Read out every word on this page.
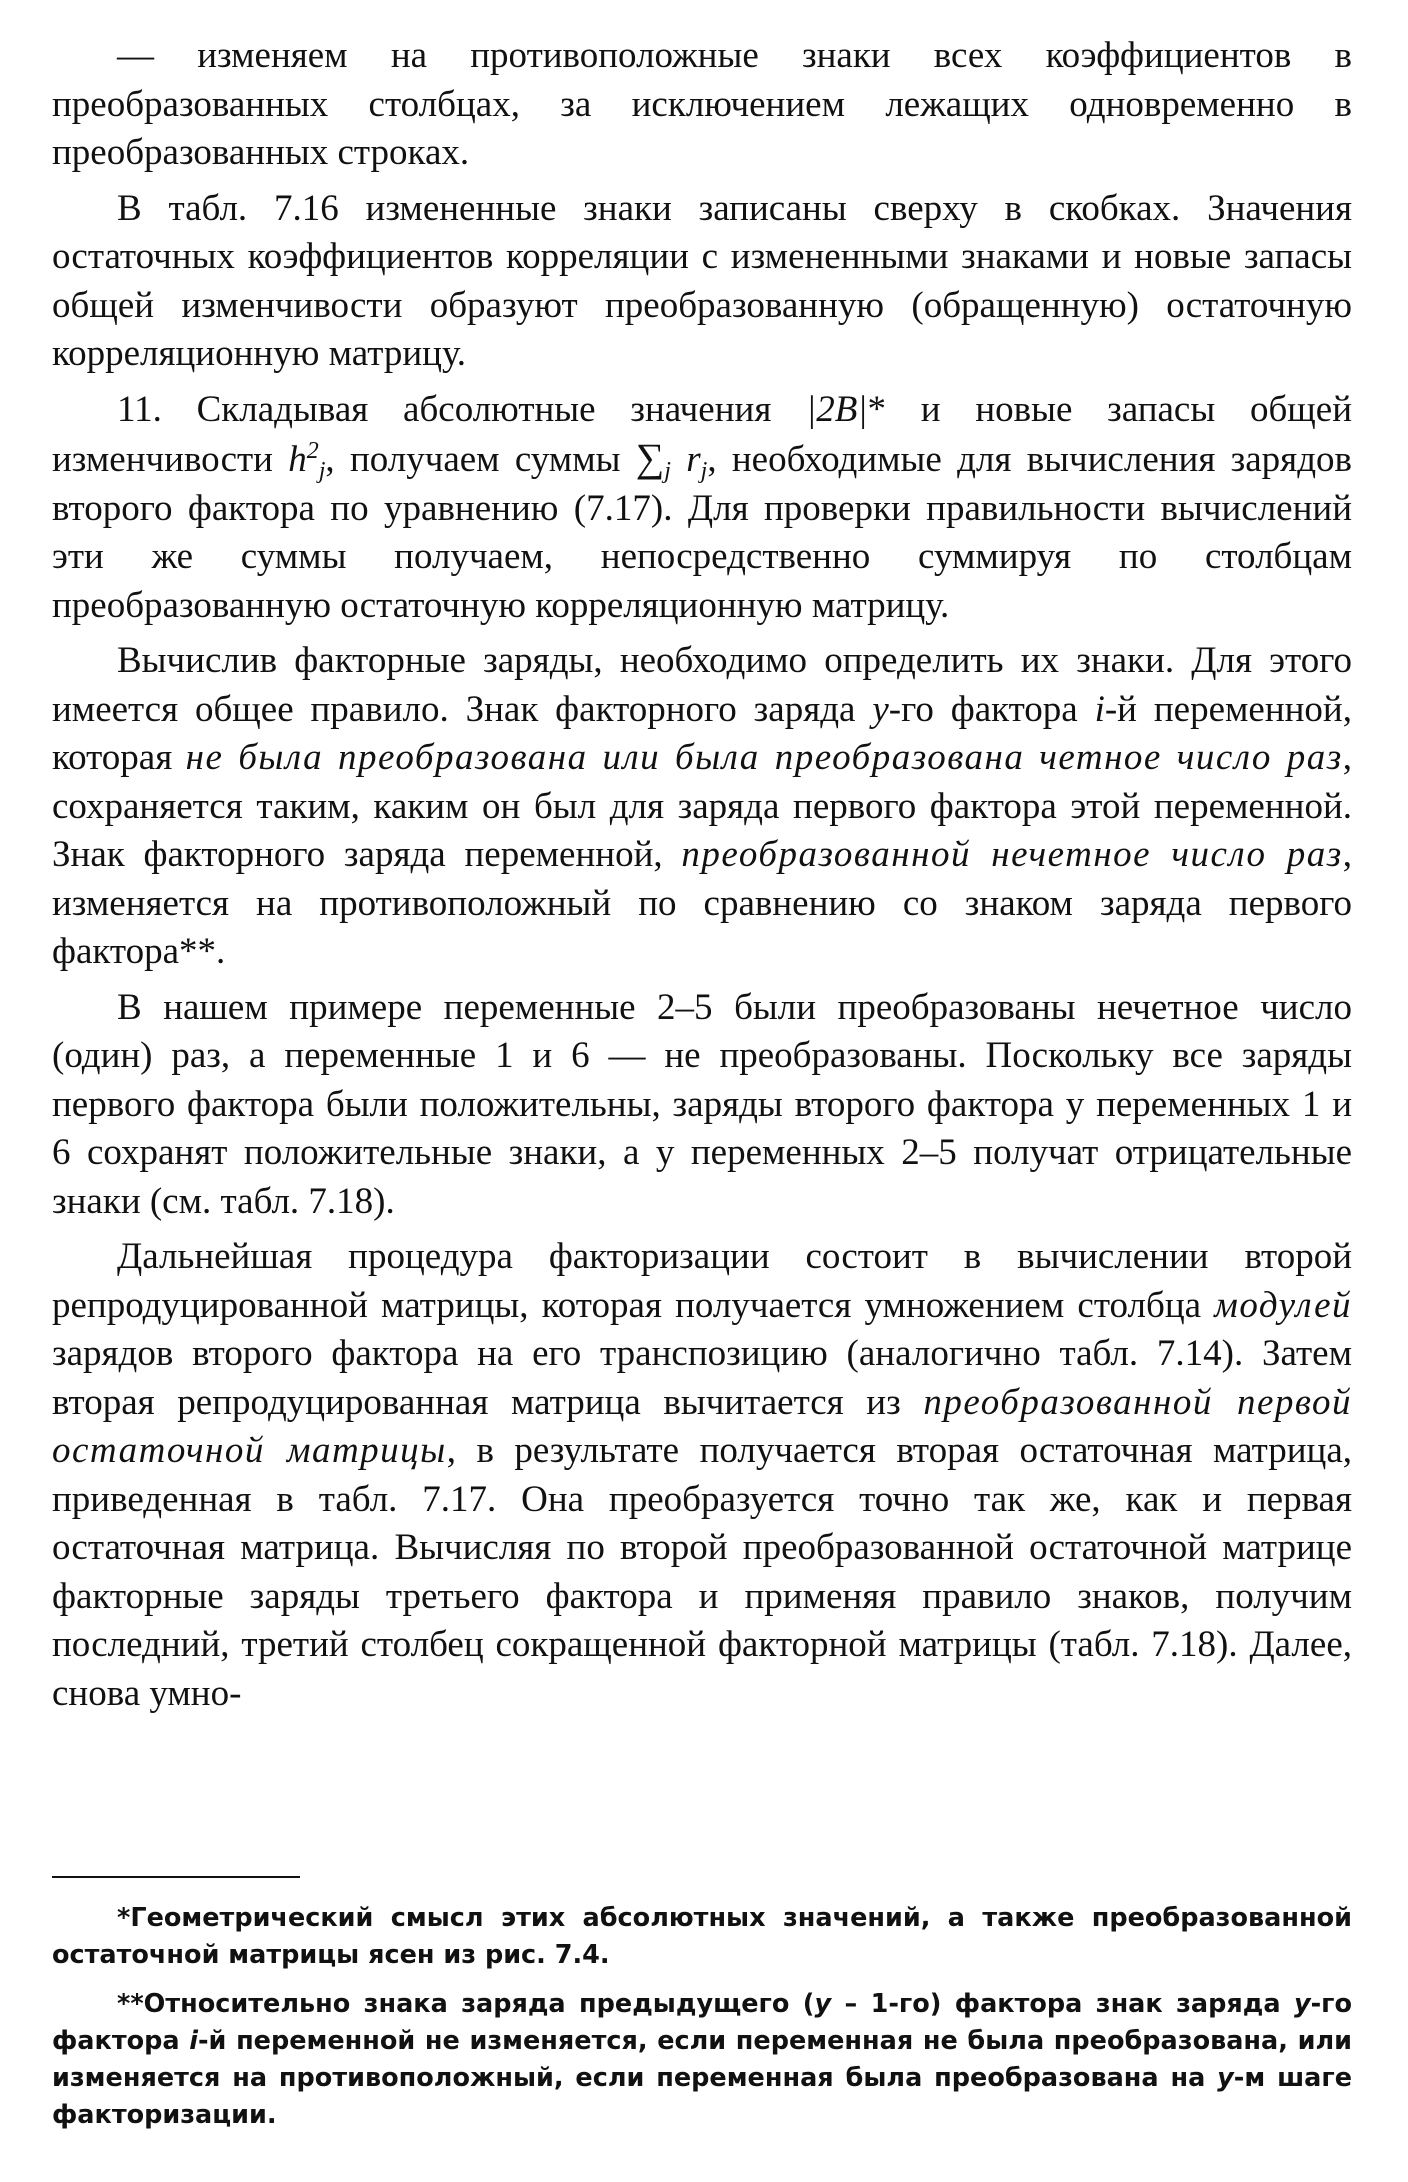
— изменяем на противоположные знаки всех коэффициентов в преобразованных столбцах, за исключением лежащих одновременно в преобразованных строках.

В табл. 7.16 измененные знаки записаны сверху в скобках. Значения остаточных коэффициентов корреляции с измененными знаками и новые запасы общей изменчивости образуют преобразованную (обращенную) остаточную корреляционную матрицу.

11. Складывая абсолютные значения |2B|* и новые запасы общей изменчивости $h^2_j$, получаем суммы $\sum_j$ $r_j$, необходимые для вычисления зарядов второго фактора по уравнению (7.17). Для проверки правильности вычислений эти же суммы получаем, непосредственно суммируя по столбцам преобразованную остаточную корреляционную матрицу.

Вычислив факторные заряды, необходимо определить их знаки. Для этого имеется общее правило. Знак факторного заряда y-го фактора i-й переменной, которая не была преобразована или была преобразована четное число раз, сохраняется таким, каким он был для заряда первого фактора этой переменной. Знак факторного заряда переменной, преобразованной нечетное число раз, изменяется на противоположный по сравнению со знаком заряда первого фактора**.

В нашем примере переменные 2–5 были преобразованы нечетное число (один) раз, а переменные 1 и 6 — не преобразованы. Поскольку все заряды первого фактора были положительны, заряды второго фактора у переменных 1 и 6 сохранят положительные знаки, а у переменных 2–5 получат отрицательные знаки (см. табл. 7.18).

Дальнейшая процедура факторизации состоит в вычислении второй репродуцированной матрицы, которая получается умножением столбца модулей зарядов второго фактора на его транспозицию (аналогично табл. 7.14). Затем вторая репродуцированная матрица вычитается из преобразованной первой остаточной матрицы, в результате получается вторая остаточная матрица, приведенная в табл. 7.17. Она преобразуется точно так же, как и первая остаточная матрица. Вычисляя по второй преобразованной остаточной матрице факторные заряды третьего фактора и применяя правило знаков, получим последний, третий столбец сокращенной факторной матрицы (табл. 7.18). Далее, снова умно-

*Геометрический смысл этих абсолютных значений, а также преобразованной остаточной матрицы ясен из рис. 7.4.

**Относительно знака заряда предыдущего (y – 1-го) фактора знак заряда y-го фактора i-й переменной не изменяется, если переменная не была преобразована, или изменяется на противоположный, если переменная была преобразована на y-м шаге факторизации.
